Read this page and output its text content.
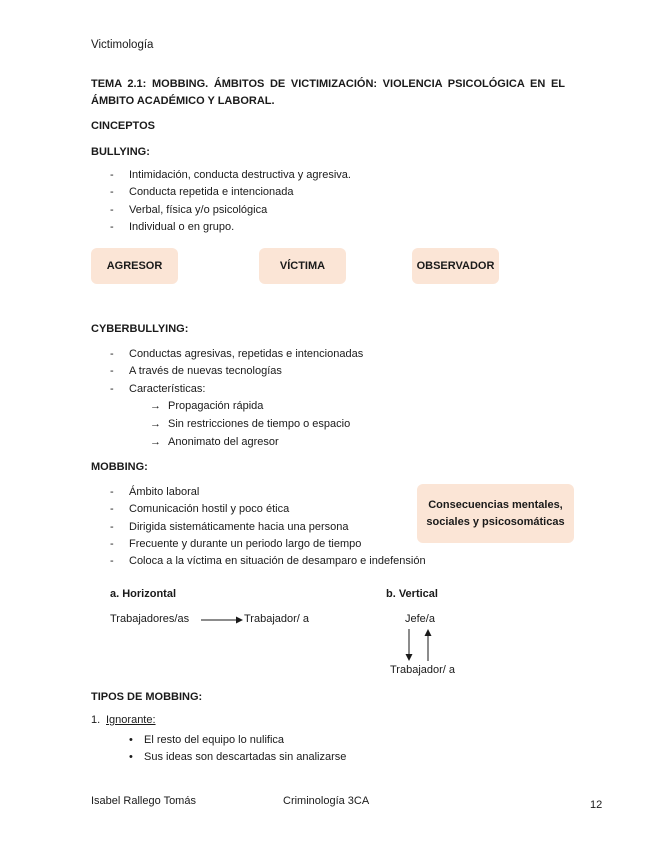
Victimología
TEMA 2.1: MOBBING. ÁMBITOS DE VICTIMIZACIÓN: VIOLENCIA PSICOLÓGICA EN EL
ÁMBITO ACADÉMICO Y LABORAL.
CINCEPTOS
BULLYING:
- Intimidación, conducta destructiva y agresiva.
- Conducta repetida e intencionada
- Verbal, física y/o psicológica
- Individual o en grupo.
AGRESOR	VÍCTIMA	OBSERVADOR
CYBERBULLYING:
- Conductas agresivas, repetidas e intencionadas
- A través de nuevas tecnologías
- Características:
→ Propagación rápida
→ Sin restricciones de tiempo o espacio
→ Anonimato del agresor
MOBBING:
- Ámbito laboral
- Comunicación hostil y poco ética
- Dirigida sistemáticamente hacia una persona
- Frecuente y durante un periodo largo de tiempo
- Coloca a la víctima en situación de desamparo e indefensión
Consecuencias mentales,
sociales y psicosomáticas
a. Horizontal
Trabajadores/as	Trabajador/ a
b. Vertical
Jefe/a
Trabajador/ a
TIPOS DE MOBBING:
1. Ignorante:
• El resto del equipo lo nulifica
• Sus ideas son descartadas sin analizarse
Isabel Rallego Tomás	Criminología 3CA	12
